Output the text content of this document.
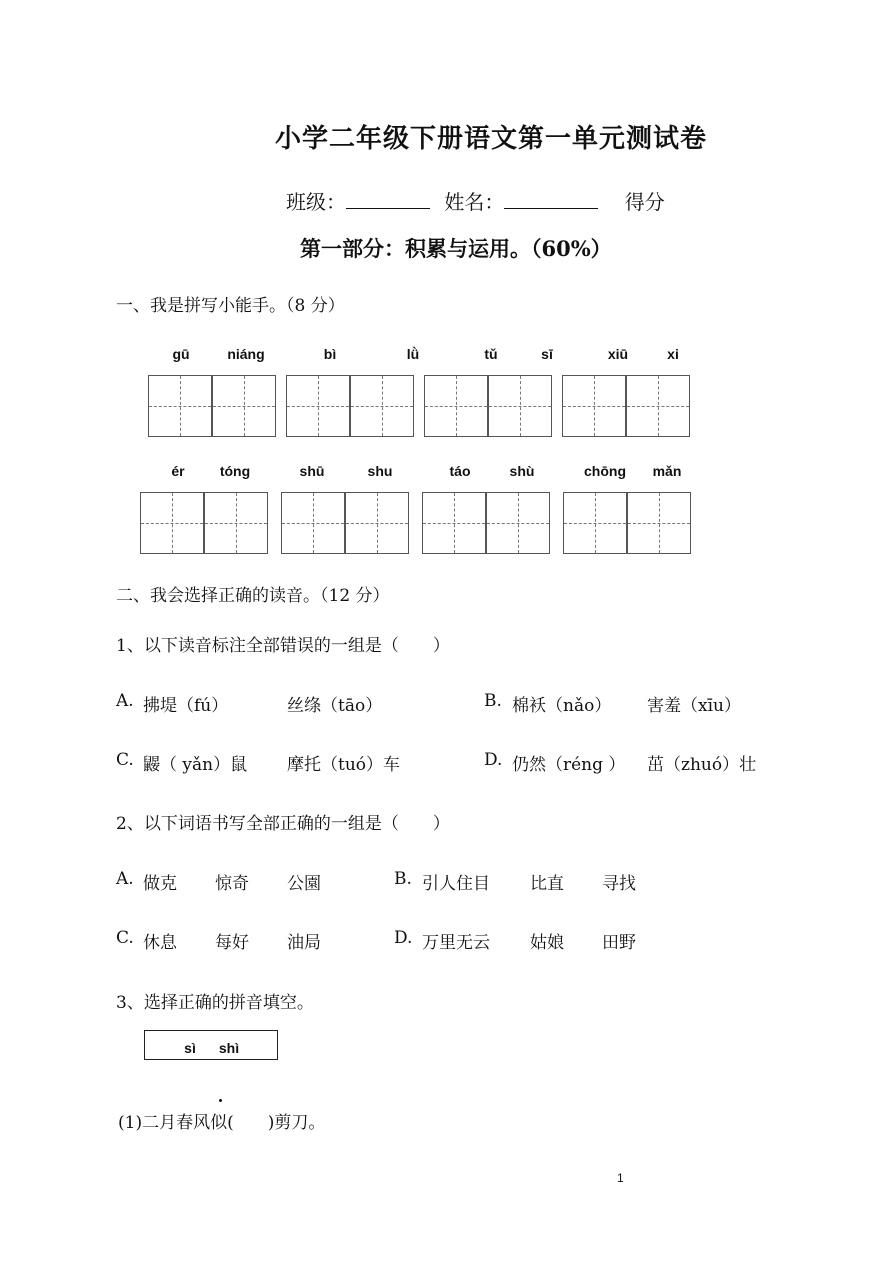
小学二年级下册语文第一单元测试卷
班级：	姓名：	得分
第一部分：积累与运用。（60%）
一、我是拼写小能手。（8 分）
gū	niáng	bì	lǜ	tǔ	sī	xiū	xi
ér	tóng	shū	shu	táo	shù	chōng mǎn
二、我会选择正确的读音。（12 分）
1、以下读音标注全部错误的一组是（　　）
A. 拂堤（fú）	丝绦（tāo）	B. 棉袄（nǎo） 害羞（xīu）
C. 鼹（ yǎn）鼠 摩托（tuó）车	D. 仍然（réng ） 茁（zhuó）壮
2、以下词语书写全部正确的一组是（　　）
A. 做克 惊奇 公園	B. 引人住目 比直 寻找
C. 休息 每好 油局	D. 万里无云 姑娘 田野
3、选择正确的拼音填空。
sì shì
(1)二月春风似(　　)剪刀。
1
